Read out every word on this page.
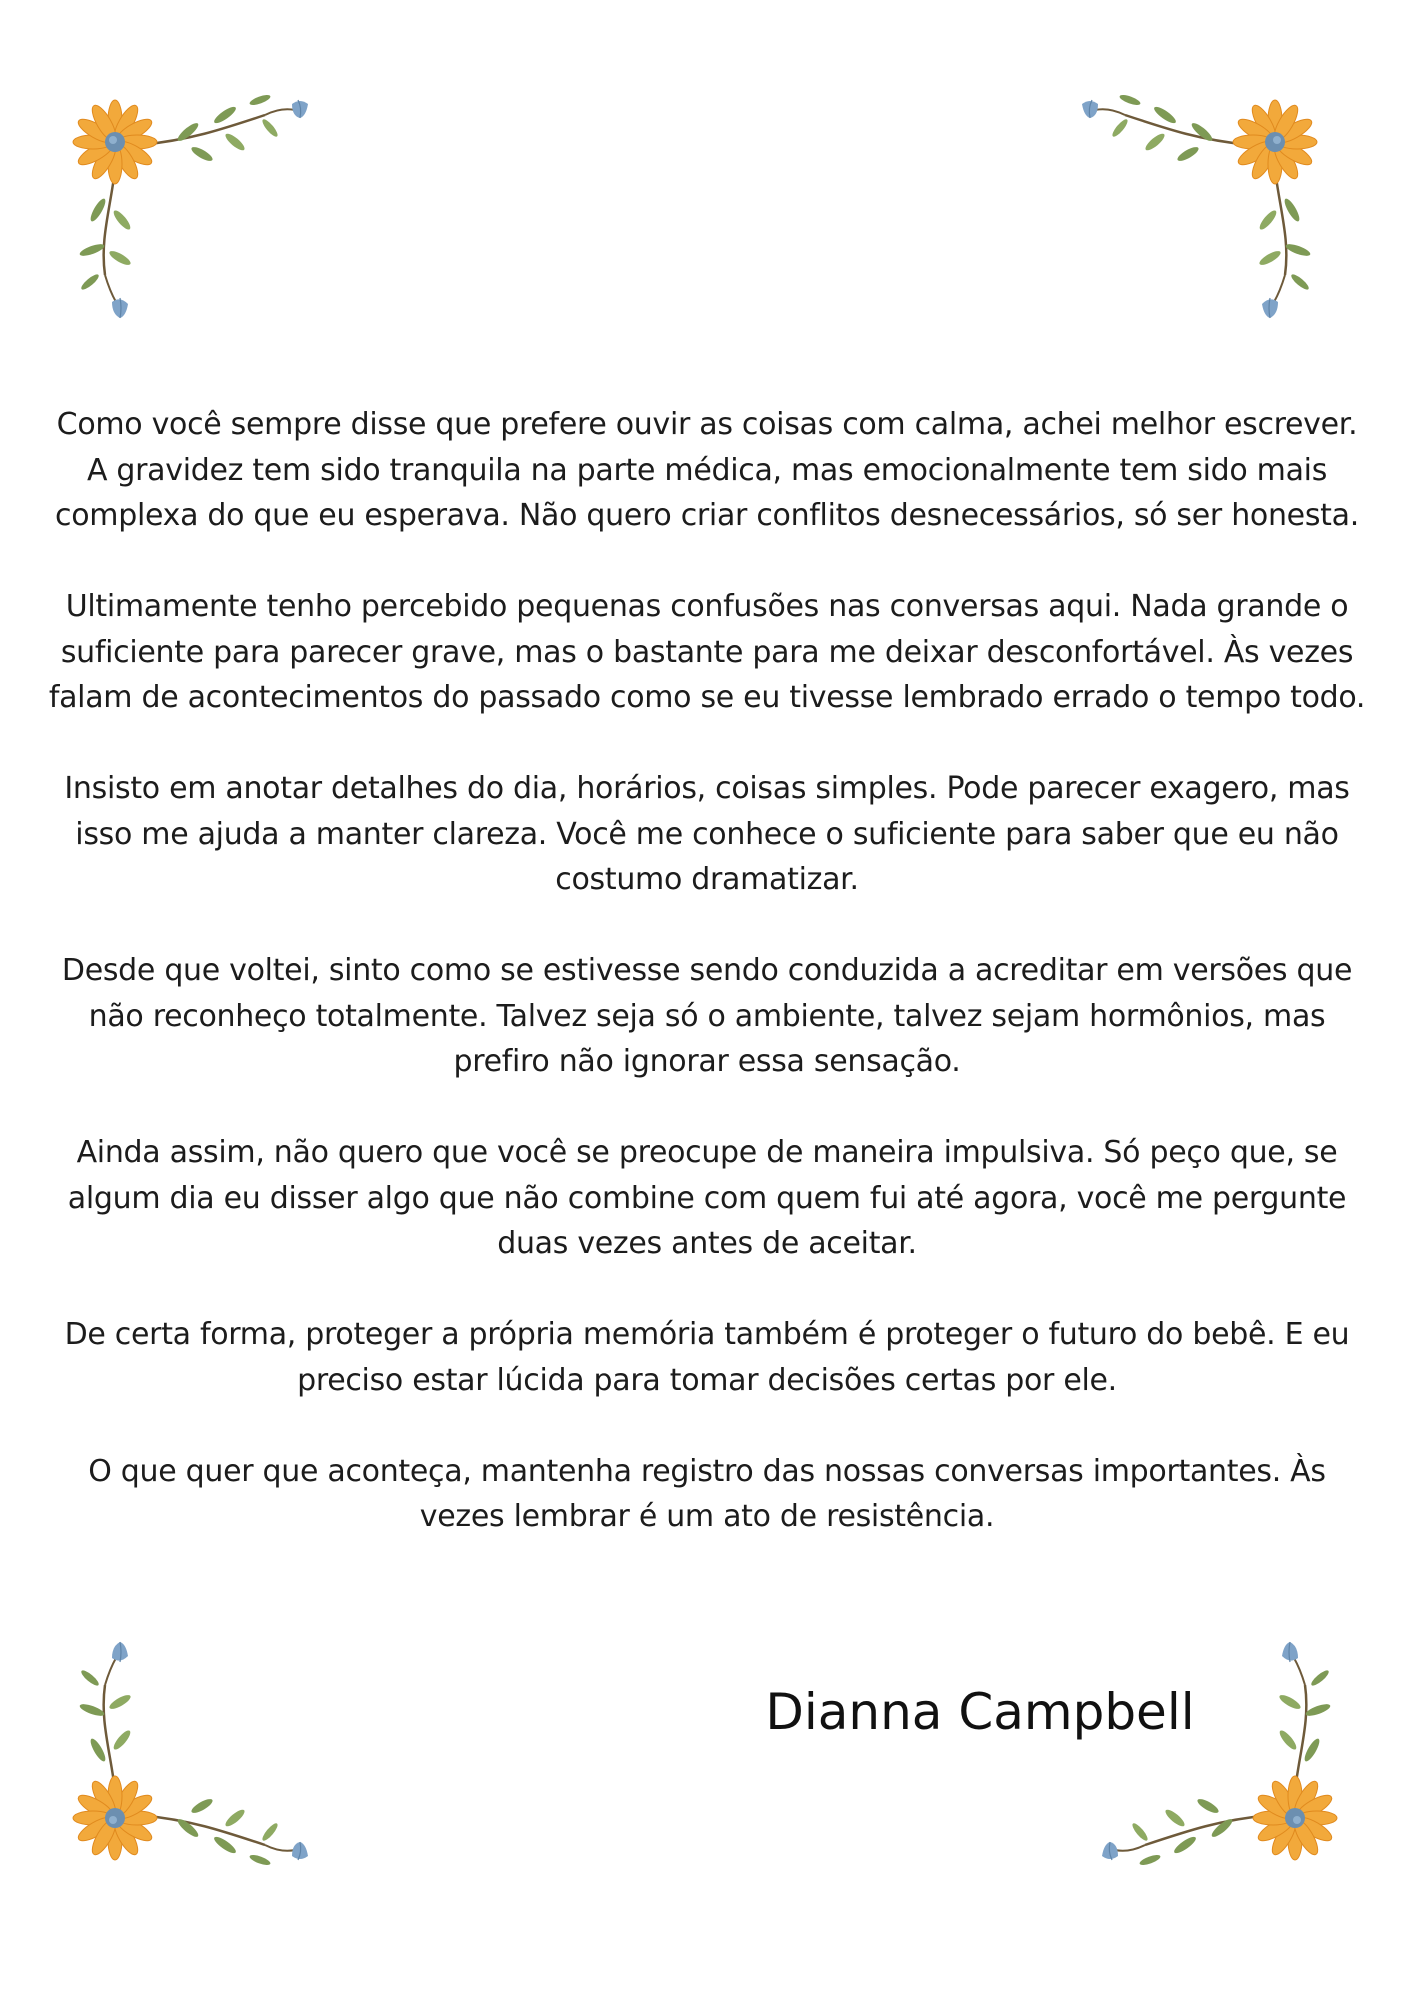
Como você sempre disse que prefere ouvir as coisas com calma, achei melhor escrever.
A gravidez tem sido tranquila na parte médica, mas emocionalmente tem sido mais
complexa do que eu esperava. Não quero criar conflitos desnecessários, só ser honesta.

Ultimamente tenho percebido pequenas confusões nas conversas aqui. Nada grande o
suficiente para parecer grave, mas o bastante para me deixar desconfortável. Às vezes
falam de acontecimentos do passado como se eu tivesse lembrado errado o tempo todo.

Insisto em anotar detalhes do dia, horários, coisas simples. Pode parecer exagero, mas
isso me ajuda a manter clareza. Você me conhece o suficiente para saber que eu não
costumo dramatizar.

Desde que voltei, sinto como se estivesse sendo conduzida a acreditar em versões que
não reconheço totalmente. Talvez seja só o ambiente, talvez sejam hormônios, mas
prefiro não ignorar essa sensação.

Ainda assim, não quero que você se preocupe de maneira impulsiva. Só peço que, se
algum dia eu disser algo que não combine com quem fui até agora, você me pergunte
duas vezes antes de aceitar.

De certa forma, proteger a própria memória também é proteger o futuro do bebê. E eu
preciso estar lúcida para tomar decisões certas por ele.

O que quer que aconteça, mantenha registro das nossas conversas importantes. Às
vezes lembrar é um ato de resistência.

Dianna Campbell
